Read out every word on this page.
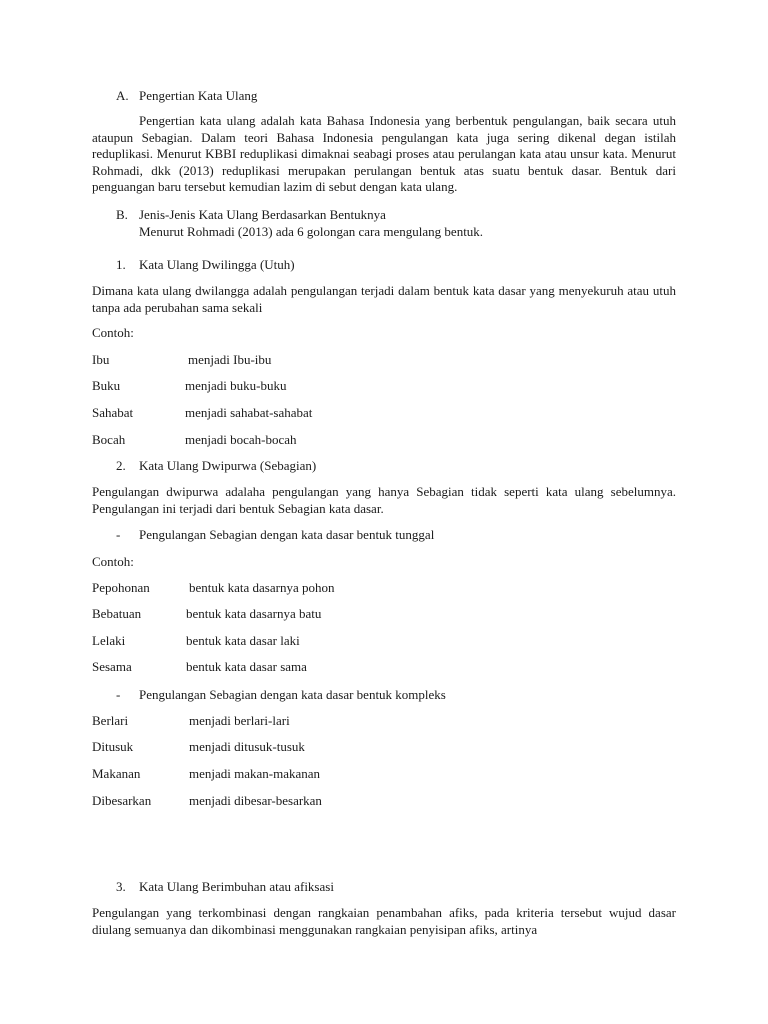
A. Pengertian Kata Ulang
Pengertian kata ulang adalah kata Bahasa Indonesia yang berbentuk pengulangan, baik secara utuh ataupun Sebagian. Dalam teori Bahasa Indonesia pengulangan kata juga sering dikenal degan istilah reduplikasi. Menurut KBBI reduplikasi dimaknai seabagi proses atau perulangan kata atau unsur kata. Menurut Rohmadi, dkk (2013) reduplikasi merupakan perulangan bentuk atas suatu bentuk dasar. Bentuk dari penguangan baru tersebut kemudian lazim di sebut dengan kata ulang.
B. Jenis-Jenis Kata Ulang Berdasarkan Bentuknya
Menurut Rohmadi (2013) ada 6 golongan cara mengulang bentuk.
1. Kata Ulang Dwilingga (Utuh)
Dimana kata ulang dwilangga adalah pengulangan terjadi dalam bentuk kata dasar yang menyekuruh atau utuh tanpa ada perubahan sama sekali
Contoh:
Ibu	menjadi Ibu-ibu
Buku	menjadi buku-buku
Sahabat	menjadi sahabat-sahabat
Bocah	menjadi bocah-bocah
2. Kata Ulang Dwipurwa (Sebagian)
Pengulangan dwipurwa adalaha pengulangan yang hanya Sebagian tidak seperti kata ulang sebelumnya. Pengulangan ini terjadi dari bentuk Sebagian kata dasar.
- Pengulangan Sebagian dengan kata dasar bentuk tunggal
Contoh:
Pepohonan	bentuk kata dasarnya pohon
Bebatuan	bentuk kata dasarnya batu
Lelaki	bentuk kata dasar laki
Sesama	bentuk kata dasar sama
- Pengulangan Sebagian dengan kata dasar bentuk kompleks
Berlari	menjadi berlari-lari
Ditusuk	menjadi ditusuk-tusuk
Makanan	menjadi makan-makanan
Dibesarkan	menjadi dibesar-besarkan
3. Kata Ulang Berimbuhan atau afiksasi
Pengulangan yang terkombinasi dengan rangkaian penambahan afiks, pada kriteria tersebut wujud dasar diulang semuanya dan dikombinasi menggunakan rangkaian penyisipan afiks, artinya
